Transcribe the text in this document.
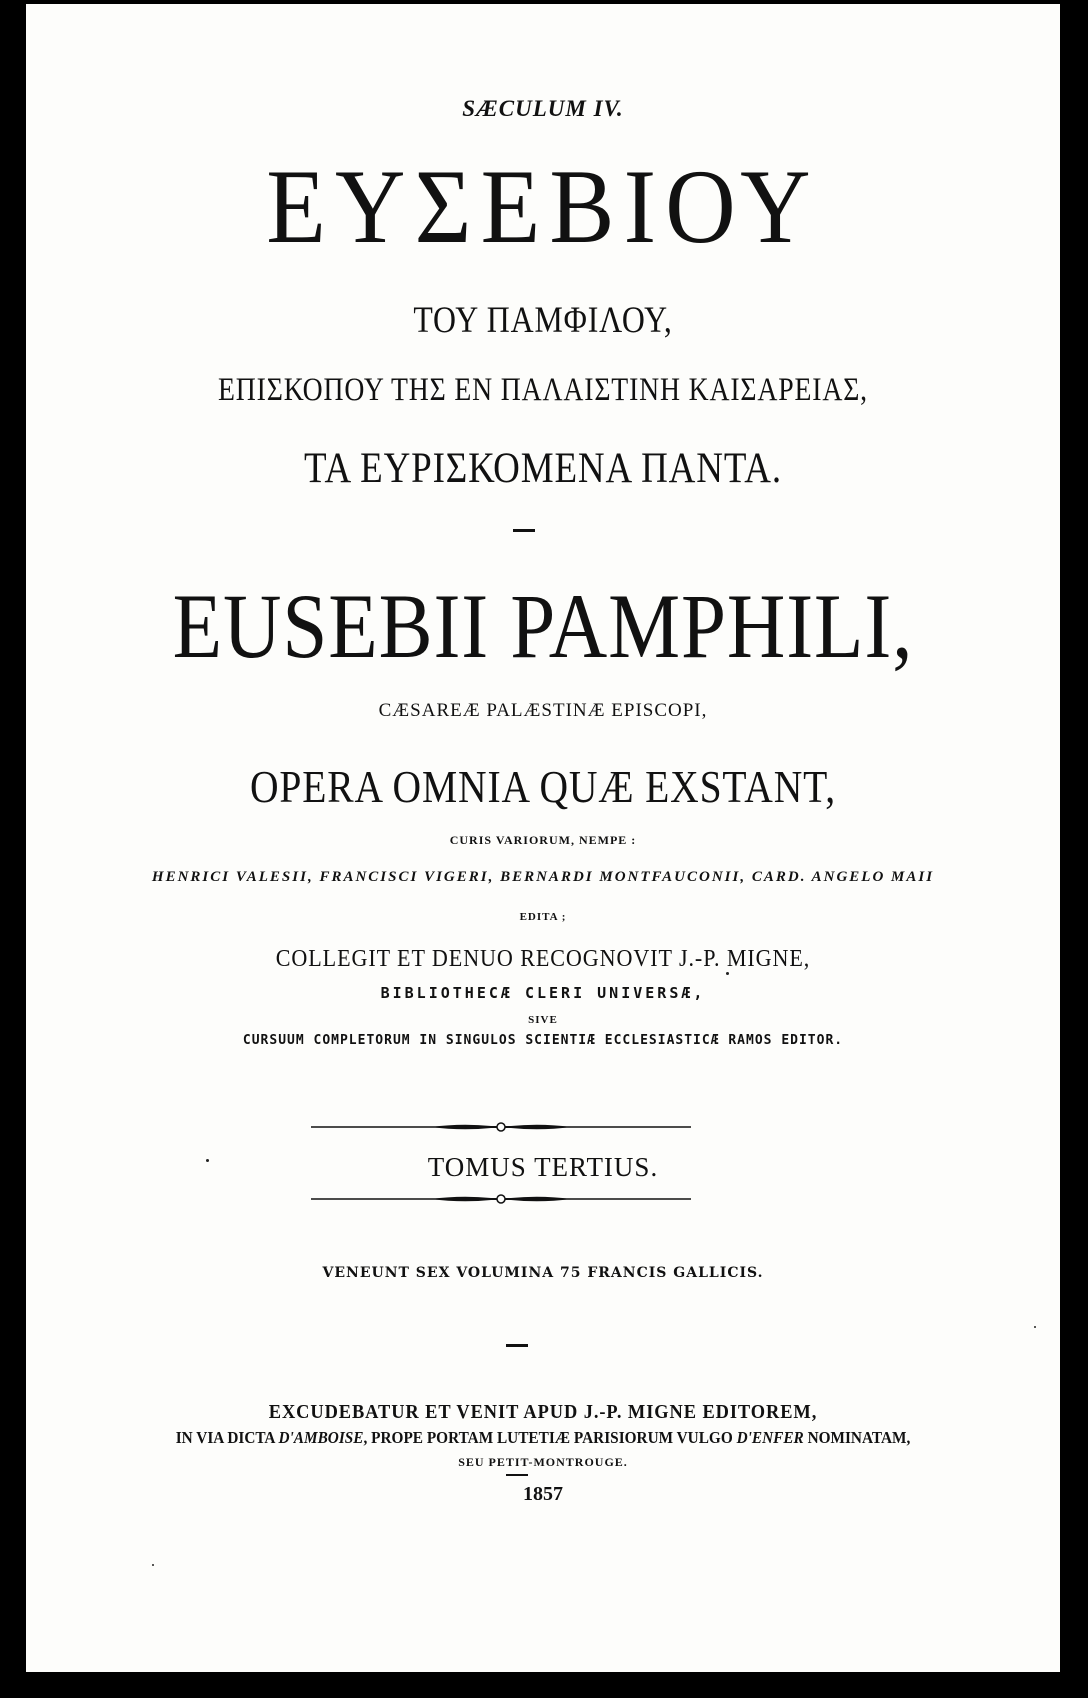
SÆCULUM IV.
ΕΥΣΕΒΙΟΥ
ΤΟΥ ΠΑΜΦΙΛΟΥ,
ΕΠΙΣΚΟΠΟΥ ΤΗΣ ΕΝ ΠΑΛΑΙΣΤΙΝΗ ΚΑΙΣΑΡΕΙΑΣ,
ΤΑ ΕΥΡΙΣΚΟΜΕΝΑ ΠΑΝΤΑ.
EUSEBII PAMPHILI,
CÆSAREÆ PALÆSTINÆ EPISCOPI,
OPERA OMNIA QUÆ EXSTANT,
CURIS VARIORUM, NEMPE :
HENRICI VALESII, FRANCISCI VIGERI, BERNARDI MONTFAUCONII, CARD. ANGELO MAII
EDITA ;
COLLEGIT ET DENUO RECOGNOVIT J.-P. MIGNE,
BIBLIOTHECÆ CLERI UNIVERSÆ,
SIVE
CURSUUM COMPLETORUM IN SINGULOS SCIENTIÆ ECCLESIASTICÆ RAMOS EDITOR.
TOMUS TERTIUS.
VENEUNT SEX VOLUMINA 75 FRANCIS GALLICIS.
EXCUDEBATUR ET VENIT APUD J.-P. MIGNE EDITOREM,
IN VIA DICTA D'AMBOISE, PROPE PORTAM LUTETIÆ PARISIORUM VULGO D'ENFER NOMINATAM,
SEU PETIT-MONTROUGE.
1857
